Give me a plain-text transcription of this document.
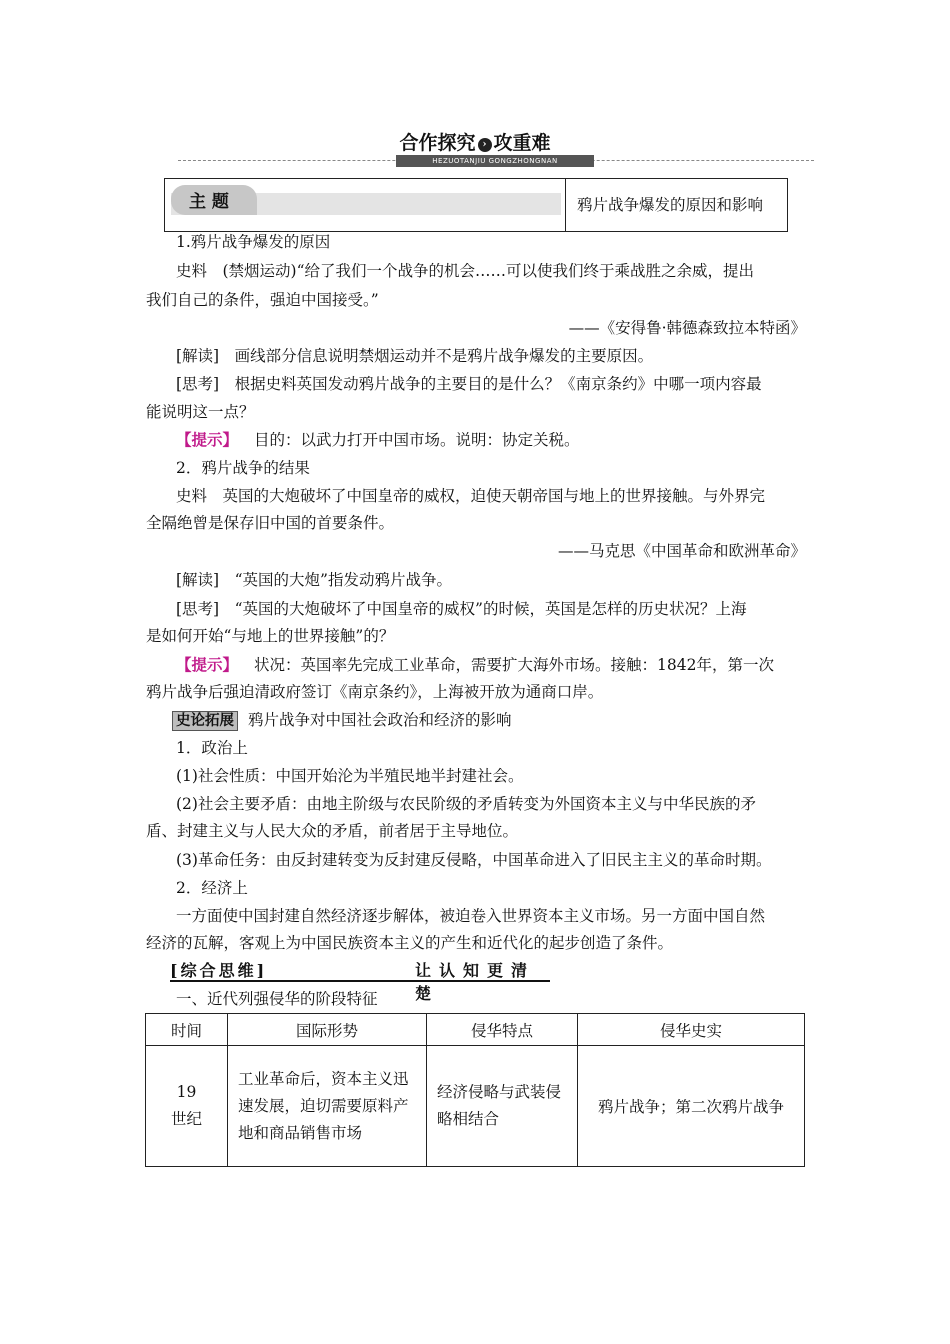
合作探究 › 攻重难
HEZUOTANJIU GONGZHONGNAN
主 题	鸦片战争爆发的原因和影响
1.鸦片战争爆发的原因
史料　(禁烟运动)“给了我们一个战争的机会……可以使我们终于乘战胜之余威，提出
我们自己的条件，强迫中国接受。”
——《安得鲁·韩德森致拉本特函》
[解读]　画线部分信息说明禁烟运动并不是鸦片战争爆发的主要原因。
[思考]　根据史料英国发动鸦片战争的主要目的是什么？《南京条约》中哪一项内容最
能说明这一点？
【提示】 目的：以武力打开中国市场。说明：协定关税。
2．鸦片战争的结果
史料　英国的大炮破坏了中国皇帝的威权，迫使天朝帝国与地上的世界接触。与外界完
全隔绝曾是保存旧中国的首要条件。
——马克思《中国革命和欧洲革命》
[解读]　“英国的大炮”指发动鸦片战争。
[思考]　“英国的大炮破坏了中国皇帝的威权”的时候，英国是怎样的历史状况？上海
是如何开始“与地上的世界接触”的？
【提示】 状况：英国率先完成工业革命，需要扩大海外市场。接触：1842年，第一次
鸦片战争后强迫清政府签订《南京条约》，上海被开放为通商口岸。
史论拓展 鸦片战争对中国社会政治和经济的影响
1．政治上
(1)社会性质：中国开始沦为半殖民地半封建社会。
(2)社会主要矛盾：由地主阶级与农民阶级的矛盾转变为外国资本主义与中华民族的矛
盾、封建主义与人民大众的矛盾，前者居于主导地位。
(3)革命任务：由反封建转变为反封建反侵略，中国革命进入了旧民主主义的革命时期。
2．经济上
一方面使中国封建自然经济逐步解体，被迫卷入世界资本主义市场。另一方面中国自然
经济的瓦解，客观上为中国民族资本主义的产生和近代化的起步创造了条件。
[综合思维]	让认知更清楚
一、近代列强侵华的阶段特征
时间	国际形势	侵华特点	侵华史实

19
世纪	工业革命后，资本主义迅速发展，迫切需要原料产地和商品销售市场	经济侵略与武装侵略相结合	鸦片战争；第二次鸦片战争
